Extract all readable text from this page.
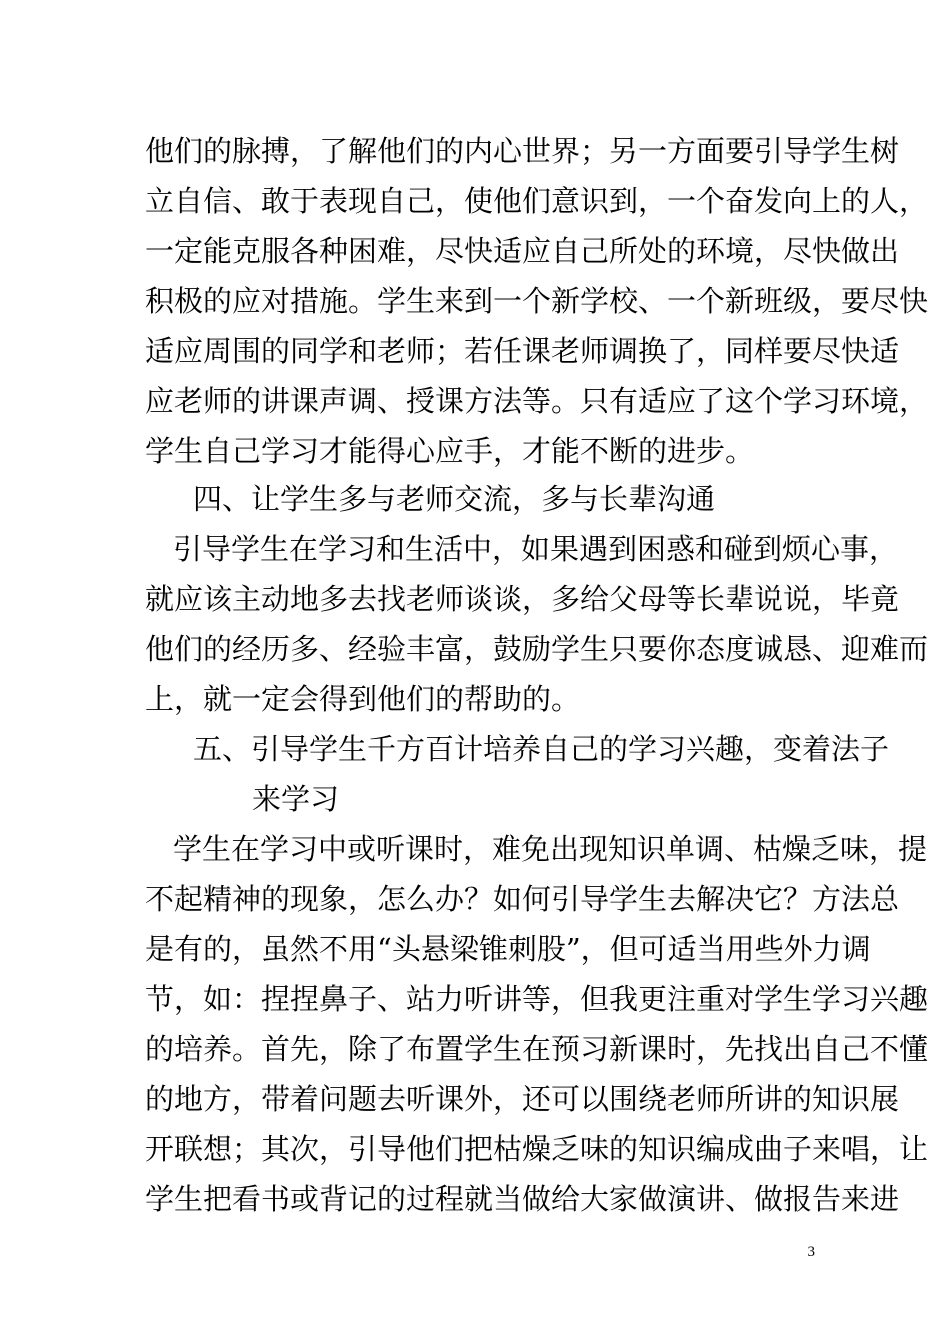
他们的脉搏，了解他们的内心世界；另一方面要引导学生树
立自信、敢于表现自己，使他们意识到，一个奋发向上的人，
一定能克服各种困难，尽快适应自己所处的环境，尽快做出
积极的应对措施。学生来到一个新学校、一个新班级，要尽快
适应周围的同学和老师；若任课老师调换了，同样要尽快适
应老师的讲课声调、授课方法等。只有适应了这个学习环境，
学生自己学习才能得心应手，才能不断的进步。
四、让学生多与老师交流，多与长辈沟通
引导学生在学习和生活中，如果遇到困惑和碰到烦心事，
就应该主动地多去找老师谈谈，多给父母等长辈说说，毕竟
他们的经历多、经验丰富，鼓励学生只要你态度诚恳、迎难而
上，就一定会得到他们的帮助的。
五、引导学生千方百计培养自己的学习兴趣，变着法子
来学习
学生在学习中或听课时，难免出现知识单调、枯燥乏味，提
不起精神的现象，怎么办？如何引导学生去解决它？方法总
是有的，虽然不用“头悬梁锥刺股”，但可适当用些外力调
节，如：捏捏鼻子、站力听讲等，但我更注重对学生学习兴趣
的培养。首先，除了布置学生在预习新课时，先找出自己不懂
的地方，带着问题去听课外，还可以围绕老师所讲的知识展
开联想；其次，引导他们把枯燥乏味的知识编成曲子来唱，让
学生把看书或背记的过程就当做给大家做演讲、做报告来进
3
